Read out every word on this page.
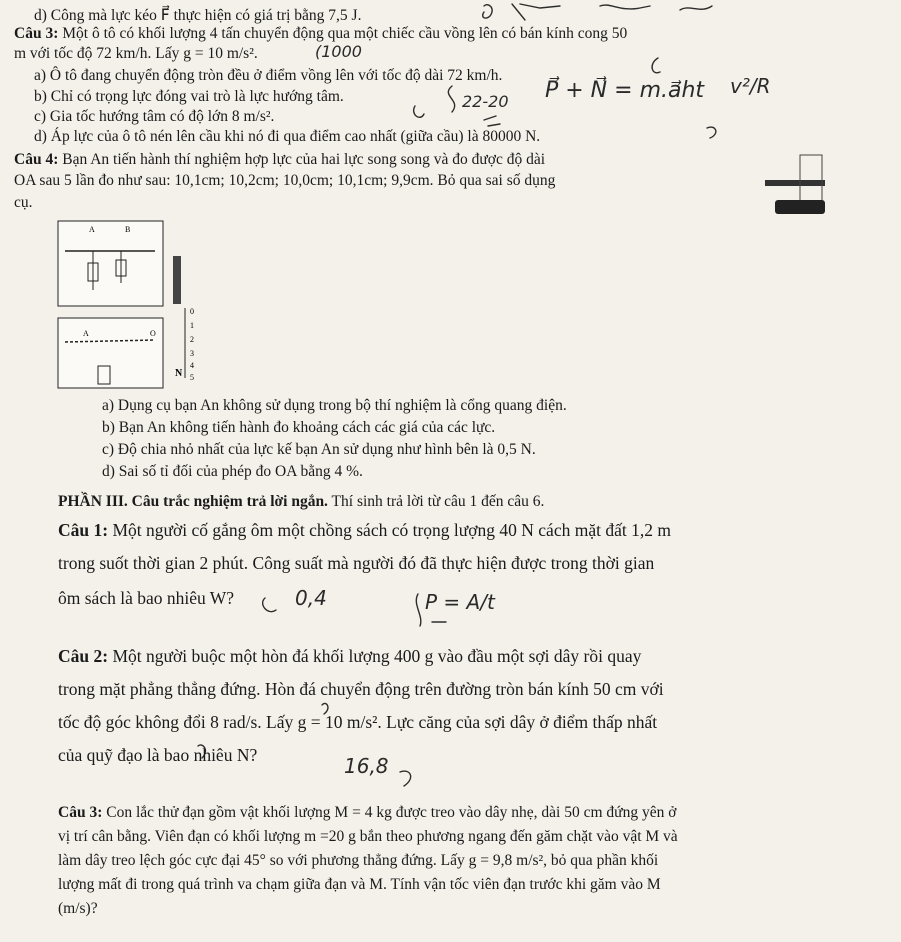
d) Công mà lực kéo F⃗ thực hiện có giá trị bằng 7,5 J.
Câu 3: Một ô tô có khối lượng 4 tấn chuyển động qua một chiếc cầu vồng lên có bán kính cong 50
m với tốc độ 72 km/h. Lấy g = 10 m/s².
a) Ô tô đang chuyển động tròn đều ở điểm vồng lên với tốc độ dài 72 km/h.
b) Chỉ có trọng lực đóng vai trò là lực hướng tâm.
c) Gia tốc hướng tâm có độ lớn 8 m/s².
d) Áp lực của ô tô nén lên cầu khi nó đi qua điểm cao nhất (giữa cầu) là 80000 N.
Câu 4: Bạn An tiến hành thí nghiệm hợp lực của hai lực song song và đo được độ dài
OA sau 5 lần đo như sau: 10,1cm; 10,2cm; 10,0cm; 10,1cm; 9,9cm. Bỏ qua sai số dụng
cụ.
(1000
P⃗ + N⃗ = m.a⃗ht v²/R
22-20
0,4	P = A/t
16,8
A	B
A	O
0
1
2
3
4
5
N
a) Dụng cụ bạn An không sử dụng trong bộ thí nghiệm là cổng quang điện.
b) Bạn An không tiến hành đo khoảng cách các giá của các lực.
c) Độ chia nhỏ nhất của lực kế bạn An sử dụng như hình bên là 0,5 N.
d) Sai số tỉ đối của phép đo OA bằng 4 %.
PHẦN III. Câu trắc nghiệm trả lời ngắn. Thí sinh trả lời từ câu 1 đến câu 6.
Câu 1: Một người cố gắng ôm một chồng sách có trọng lượng 40 N cách mặt đất 1,2 m
trong suốt thời gian 2 phút. Công suất mà người đó đã thực hiện được trong thời gian
ôm sách là bao nhiêu W?
Câu 2: Một người buộc một hòn đá khối lượng 400 g vào đầu một sợi dây rồi quay
trong mặt phẳng thẳng đứng. Hòn đá chuyển động trên đường tròn bán kính 50 cm với
tốc độ góc không đổi 8 rad/s. Lấy g = 10 m/s². Lực căng của sợi dây ở điểm thấp nhất
của quỹ đạo là bao nhiêu N?
Câu 3: Con lắc thử đạn gồm vật khối lượng M = 4 kg được treo vào dây nhẹ, dài 50 cm đứng yên ở
vị trí cân bằng. Viên đạn có khối lượng m =20 g bắn theo phương ngang đến găm chặt vào vật M và
làm dây treo lệch góc cực đại 45° so với phương thẳng đứng. Lấy g = 9,8 m/s², bỏ qua phần khối
lượng mất đi trong quá trình va chạm giữa đạn và M. Tính vận tốc viên đạn trước khi găm vào M
(m/s)?
